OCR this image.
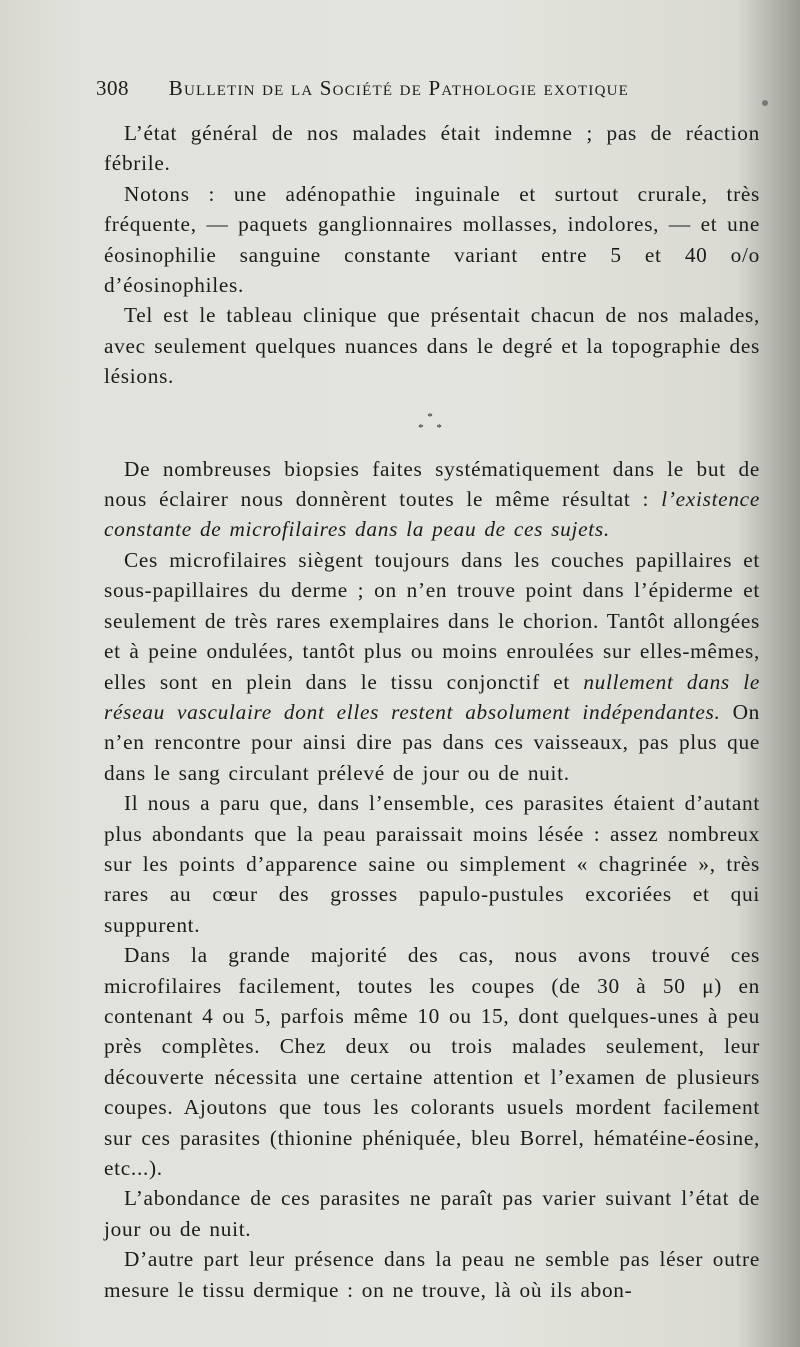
308 Bulletin de la Société de Pathologie exotique

L’état général de nos malades était indemne ; pas de réaction fébrile.

Notons : une adénopathie inguinale et surtout crurale, très fréquente, — paquets ganglionnaires mollasses, indolores, — et une éosinophilie sanguine constante variant entre 5 et 40 o/o d’éosinophiles.

Tel est le tableau clinique que présentait chacun de nos malades, avec seulement quelques nuances dans le degré et la topographie des lésions.

*
* *

De nombreuses biopsies faites systématiquement dans le but de nous éclairer nous donnèrent toutes le même résultat : l’existence constante de microfilaires dans la peau de ces sujets.

Ces microfilaires siègent toujours dans les couches papillaires et sous-papillaires du derme ; on n’en trouve point dans l’épiderme et seulement de très rares exemplaires dans le chorion. Tantôt allongées et à peine ondulées, tantôt plus ou moins enroulées sur elles-mêmes, elles sont en plein dans le tissu conjonctif et nullement dans le réseau vasculaire dont elles restent absolument indépendantes. On n’en rencontre pour ainsi dire pas dans ces vaisseaux, pas plus que dans le sang circulant prélevé de jour ou de nuit.

Il nous a paru que, dans l’ensemble, ces parasites étaient d’autant plus abondants que la peau paraissait moins lésée : assez nombreux sur les points d’apparence saine ou simplement « chagrinée », très rares au cœur des grosses papulo-pustules excoriées et qui suppurent.

Dans la grande majorité des cas, nous avons trouvé ces microfilaires facilement, toutes les coupes (de 30 à 50 μ) en contenant 4 ou 5, parfois même 10 ou 15, dont quelques-unes à peu près complètes. Chez deux ou trois malades seulement, leur découverte nécessita une certaine attention et l’examen de plusieurs coupes. Ajoutons que tous les colorants usuels mordent facilement sur ces parasites (thionine phéniquée, bleu Borrel, hématéine-éosine, etc...).

L’abondance de ces parasites ne paraît pas varier suivant l’état de jour ou de nuit.

D’autre part leur présence dans la peau ne semble pas léser outre mesure le tissu dermique : on ne trouve, là où ils abon-
